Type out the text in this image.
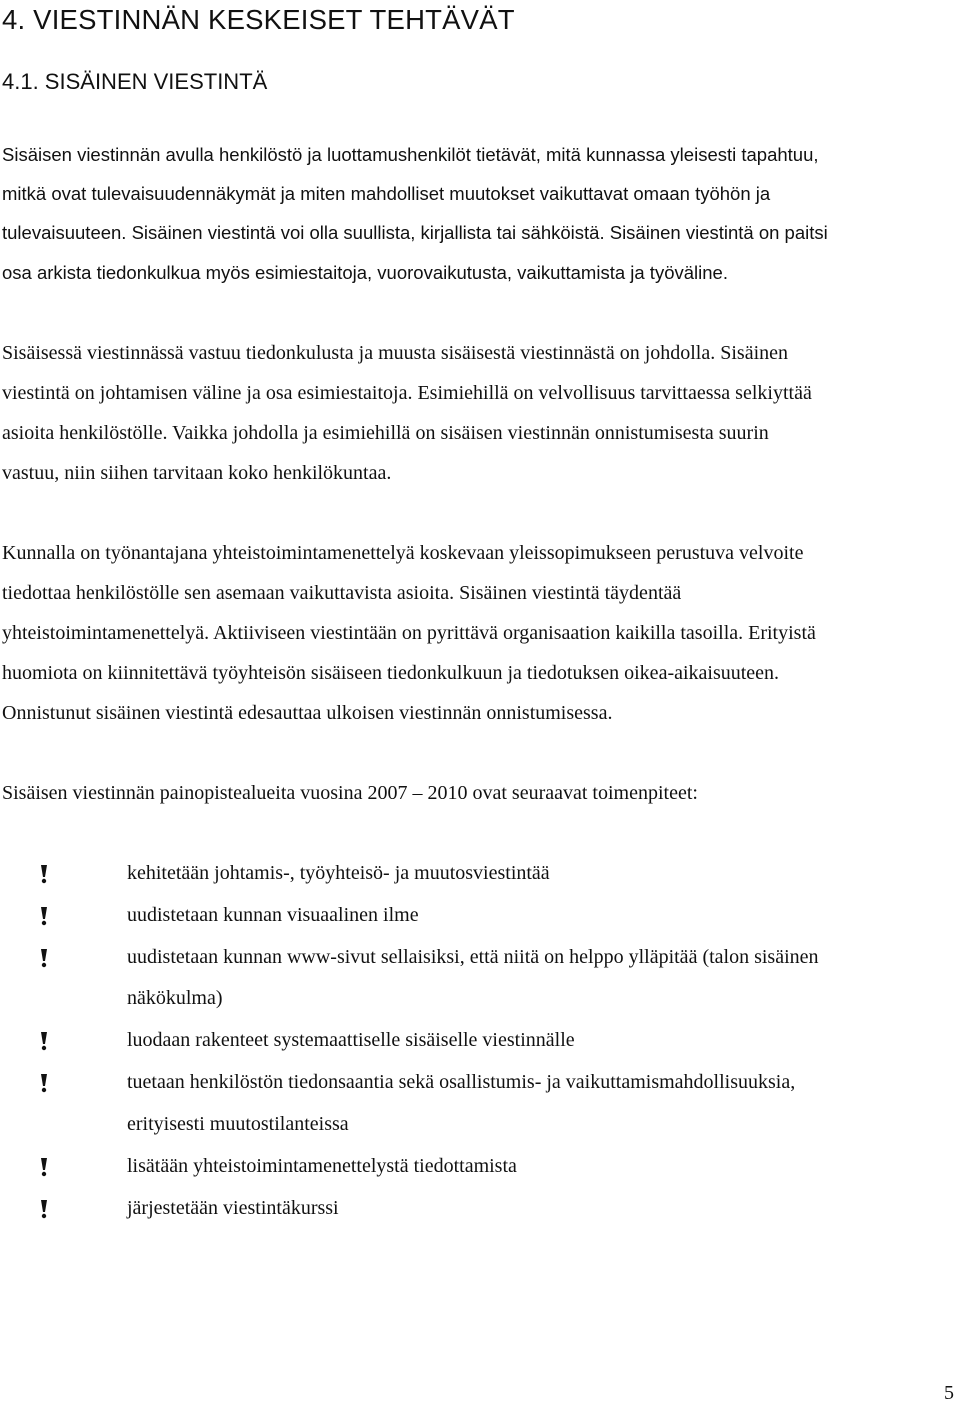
4. VIESTINNÄN KESKEISET TEHTÄVÄT
4.1. SISÄINEN VIESTINTÄ
Sisäisen viestinnän avulla henkilöstö ja luottamushenkilöt tietävät, mitä kunnassa yleisesti tapahtuu,
mitkä ovat tulevaisuudennäkymät ja miten mahdolliset muutokset vaikuttavat omaan työhön ja
tulevaisuuteen. Sisäinen viestintä voi olla suullista, kirjallista tai sähköistä. Sisäinen viestintä on paitsi
osa arkista tiedonkulkua myös esimiestaitoja, vuorovaikutusta, vaikuttamista ja työväline.
Sisäisessä viestinnässä vastuu tiedonkulusta ja muusta sisäisestä viestinnästä on johdolla. Sisäinen
viestintä on johtamisen väline ja osa esimiestaitoja. Esimiehillä on velvollisuus tarvittaessa selkiyttää
asioita henkilöstölle. Vaikka johdolla ja esimiehillä on sisäisen viestinnän onnistumisesta suurin
vastuu, niin siihen tarvitaan koko henkilökuntaa.
Kunnalla on työnantajana yhteistoimintamenettelyä koskevaan yleissopimukseen perustuva velvoite
tiedottaa henkilöstölle sen asemaan vaikuttavista asioita. Sisäinen viestintä täydentää
yhteistoimintamenettelyä. Aktiiviseen viestintään on pyrittävä organisaation kaikilla tasoilla. Erityistä
huomiota on kiinnitettävä työyhteisön sisäiseen tiedonkulkuun ja tiedotuksen oikea-aikaisuuteen.
Onnistunut sisäinen viestintä edesauttaa ulkoisen viestinnän onnistumisessa.
Sisäisen viestinnän painopistealueita vuosina 2007 – 2010 ovat seuraavat toimenpiteet:
kehitetään johtamis-, työyhteisö- ja muutosviestintää
uudistetaan kunnan visuaalinen ilme
uudistetaan kunnan www-sivut sellaisiksi, että niitä on helppo ylläpitää (talon sisäinen
näkökulma)
luodaan rakenteet systemaattiselle sisäiselle viestinnälle
tuetaan henkilöstön tiedonsaantia sekä osallistumis- ja vaikuttamismahdollisuuksia,
erityisesti muutostilanteissa
lisätään yhteistoimintamenettelystä tiedottamista
järjestetään viestintäkurssi
5
